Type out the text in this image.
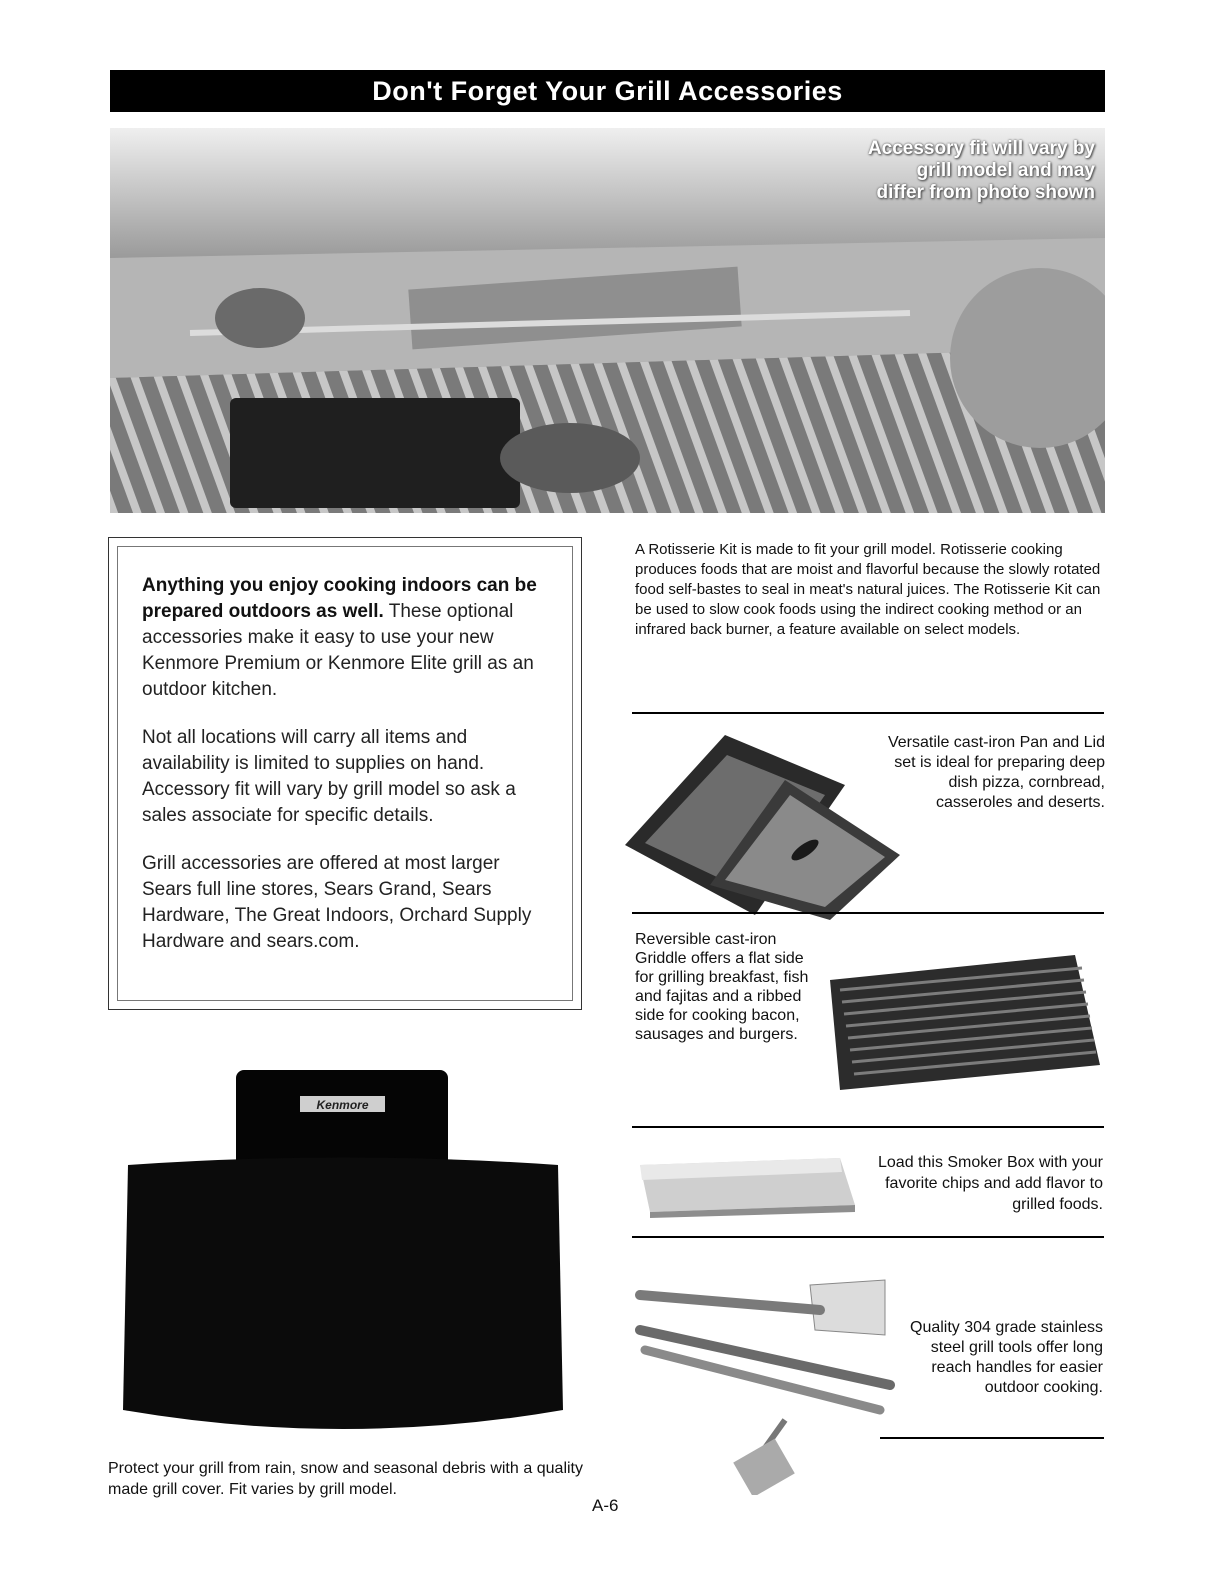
Don't Forget Your Grill Accessories
Accessory fit will vary by grill model and may differ from photo shown

Anything you enjoy cooking indoors can be prepared outdoors as well. These optional accessories make it easy to use your new Kenmore Premium or Kenmore Elite grill as an outdoor kitchen.

Not all locations will carry all items and availability is limited to supplies on hand. Accessory fit will vary by grill model so ask a sales associate for specific details.

Grill accessories are offered at most larger Sears full line stores, Sears Grand, Sears Hardware, The Great Indoors, Orchard Supply Hardware and sears.com.

A Rotisserie Kit is made to fit your grill model. Rotisserie cooking produces foods that are moist and flavorful because the slowly rotated food self-bastes to seal in meat's natural juices. The Rotisserie Kit can be used to slow cook foods using the indirect cooking method or an infrared back burner, a feature available on select models.
Versatile cast-iron Pan and Lid set is ideal for preparing deep dish pizza, cornbread, casseroles and deserts.
Reversible cast-iron Griddle offers a flat side for grilling breakfast, fish and fajitas and a ribbed side for cooking bacon, sausages and burgers.
Load this Smoker Box with your favorite chips and add flavor to grilled foods.
Quality 304 grade stainless steel grill tools offer long reach handles for easier outdoor cooking.
Kenmore
Protect your grill from rain, snow and seasonal debris with a quality made grill cover. Fit varies by grill model.
A-6
